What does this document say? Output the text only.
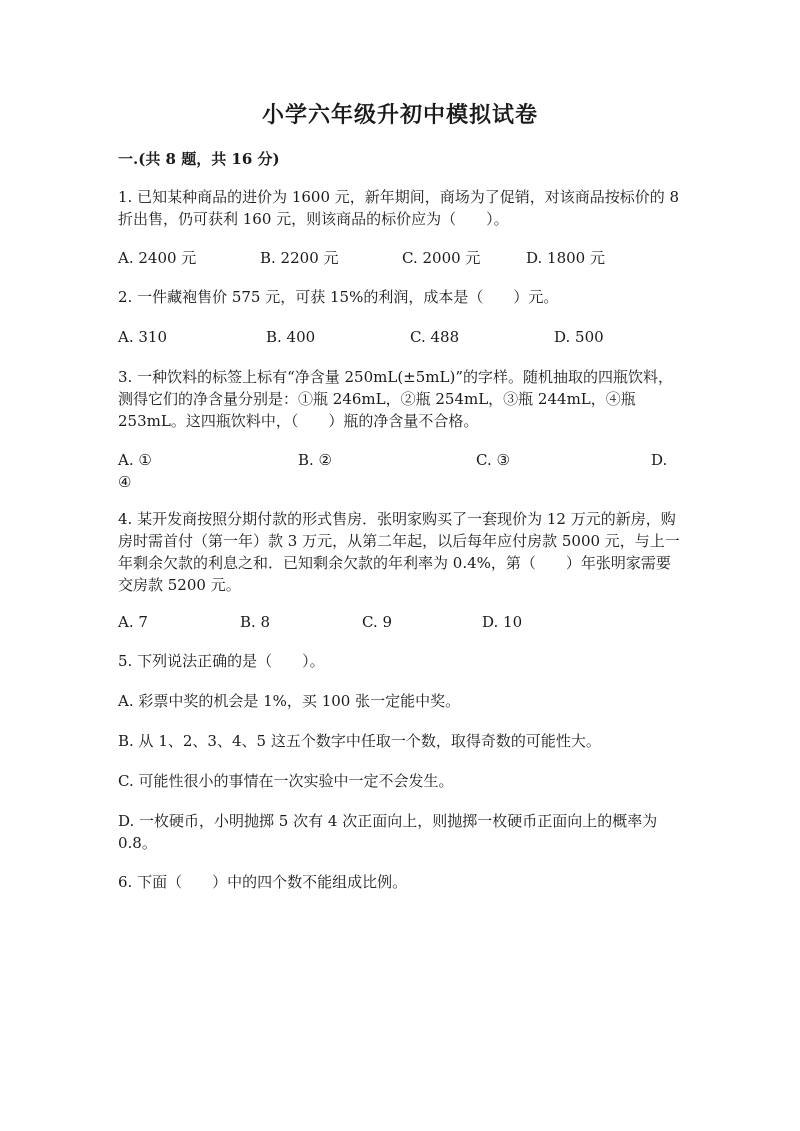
小学六年级升初中模拟试卷
一.(共 8 题，共 16 分)

1. 已知某种商品的进价为 1600 元，新年期间，商场为了促销，对该商品按标价的 8 折出售，仍可获利 160 元，则该商品的标价应为（　　）。

A. 2400 元	B. 2200 元	C. 2000 元	D. 1800 元

2. 一件藏袍售价 575 元，可获 15%的利润，成本是（　　）元。

A. 310	B. 400	C. 488	D. 500

3. 一种饮料的标签上标有“净含量 250mL(±5mL)”的字样。随机抽取的四瓶饮料，测得它们的净含量分别是：①瓶 246mL，②瓶 254mL，③瓶 244mL，④瓶 253mL。这四瓶饮料中，（　　）瓶的净含量不合格。

A. ①	B. ②	C. ③	D.
④

4. 某开发商按照分期付款的形式售房．张明家购买了一套现价为 12 万元的新房，购房时需首付（第一年）款 3 万元，从第二年起，以后每年应付房款 5000 元，与上一年剩余欠款的利息之和．已知剩余欠款的年利率为 0.4%，第（　　）年张明家需要交房款 5200 元。

A. 7	B. 8	C. 9	D. 10

5. 下列说法正确的是（　　）。

A. 彩票中奖的机会是 1%，买 100 张一定能中奖。

B. 从 1、2、3、4、5 这五个数字中任取一个数，取得奇数的可能性大。

C. 可能性很小的事情在一次实验中一定不会发生。

D. 一枚硬币，小明抛掷 5 次有 4 次正面向上，则抛掷一枚硬币正面向上的概率为 0.8。

6. 下面（　　）中的四个数不能组成比例。
